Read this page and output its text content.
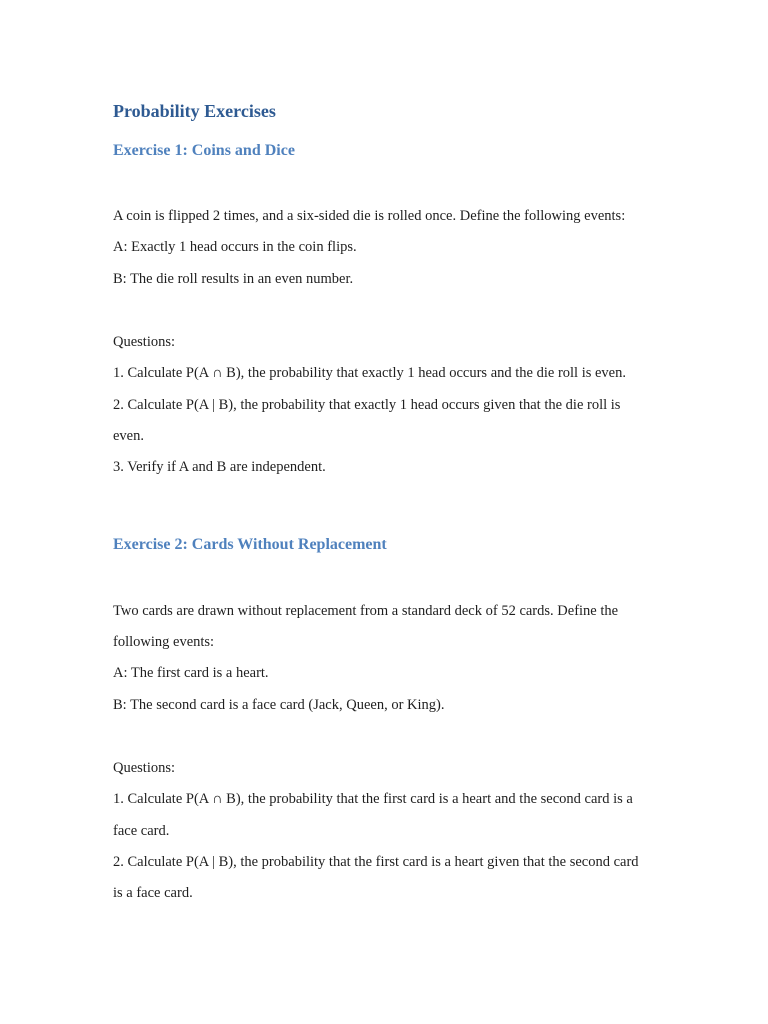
Probability Exercises
Exercise 1: Coins and Dice

A coin is flipped 2 times, and a six-sided die is rolled once. Define the following events:

A: Exactly 1 head occurs in the coin flips.

B: The die roll results in an even number.

Questions:

1. Calculate P(A ∩ B), the probability that exactly 1 head occurs and the die roll is even.

2. Calculate P(A | B), the probability that exactly 1 head occurs given that the die roll is

even.

3. Verify if A and B are independent.

Exercise 2: Cards Without Replacement

Two cards are drawn without replacement from a standard deck of 52 cards. Define the

following events:

A: The first card is a heart.

B: The second card is a face card (Jack, Queen, or King).

Questions:

1. Calculate P(A ∩ B), the probability that the first card is a heart and the second card is a

face card.

2. Calculate P(A | B), the probability that the first card is a heart given that the second card

is a face card.
